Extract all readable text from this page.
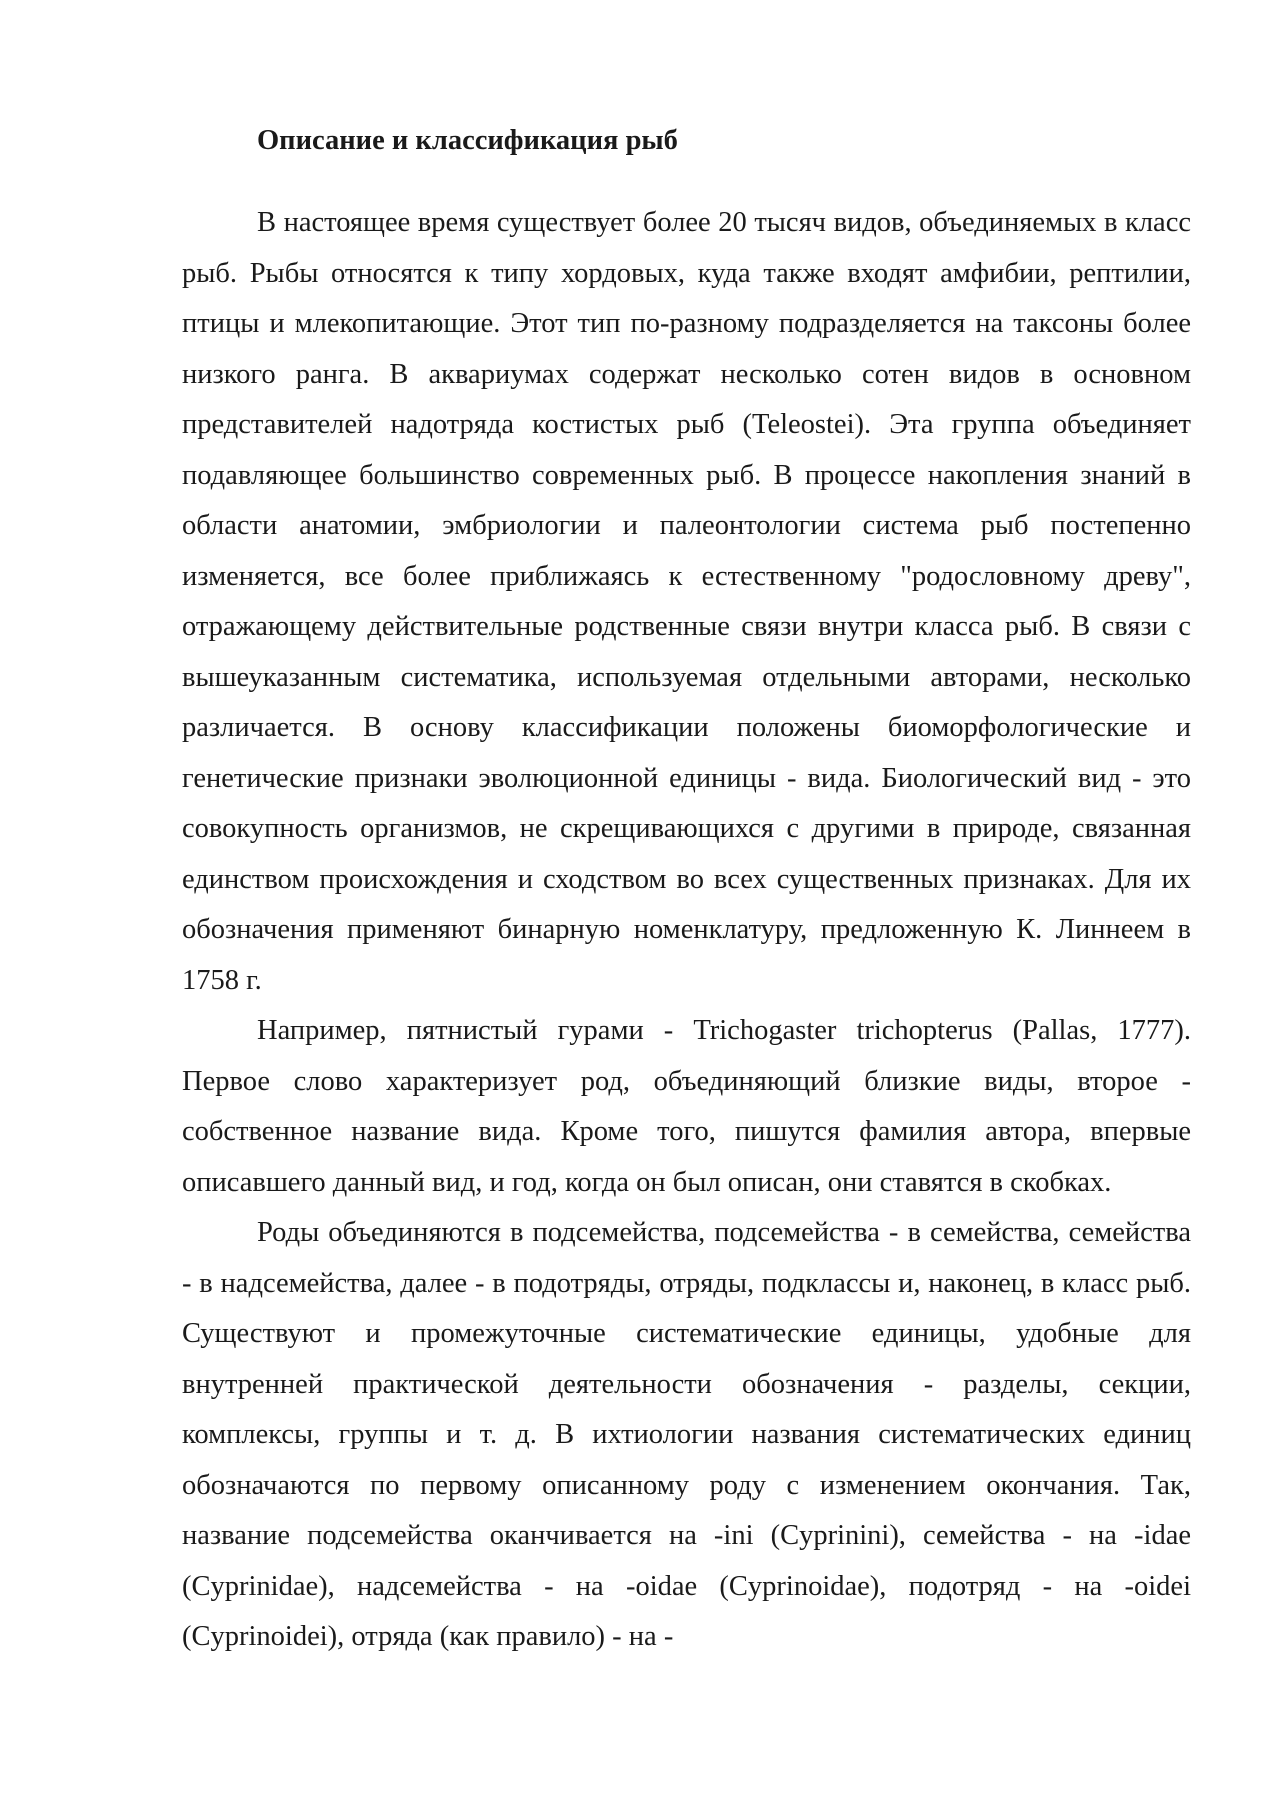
Описание и классификация рыб

В настоящее время существует более 20 тысяч видов, объединяемых в класс рыб. Рыбы относятся к типу хордовых, куда также входят амфибии, рептилии, птицы и млекопитающие. Этот тип по-разному подразделяется на таксоны более низкого ранга. В аквариумах содержат несколько сотен видов в основном представителей надотряда костистых рыб (Teleostei). Эта группа объединяет подавляющее большинство современных рыб. В процессе накопления знаний в области анатомии, эмбриологии и палеонтологии система рыб постепенно изменяется, все более приближаясь к естественному "родословному древу", отражающему действительные родственные связи внутри класса рыб. В связи с вышеуказанным систематика, используемая отдельными авторами, несколько различается. В основу классификации положены биоморфологические и генетические признаки эволюционной единицы - вида. Биологический вид - это совокупность организмов, не скрещивающихся с другими в природе, связанная единством происхождения и сходством во всех существенных признаках. Для их обозначения применяют бинарную номенклатуру, предложенную К. Линнеем в 1758 г.

Например, пятнистый гурами - Trichogaster trichopterus (Pallas, 1777). Первое слово характеризует род, объединяющий близкие виды, второе - собственное название вида. Кроме того, пишутся фамилия автора, впервые описавшего данный вид, и год, когда он был описан, они ставятся в скобках.

Роды объединяются в подсемейства, подсемейства - в семейства, семейства - в надсемейства, далее - в подотряды, отряды, подклассы и, наконец, в класс рыб. Существуют и промежуточные систематические единицы, удобные для внутренней практической деятельности обозначения - разделы, секции, комплексы, группы и т. д. В ихтиологии названия систематических единиц обозначаются по первому описанному роду с изменением окончания. Так, название подсемейства оканчивается на -ini (Cyprinini), семейства - на -idae (Cyprinidae), надсемейства - на -oidae (Cyprinoidae), подотряд - на -oidei (Cyprinoidei), отряда (как правило) - на -
